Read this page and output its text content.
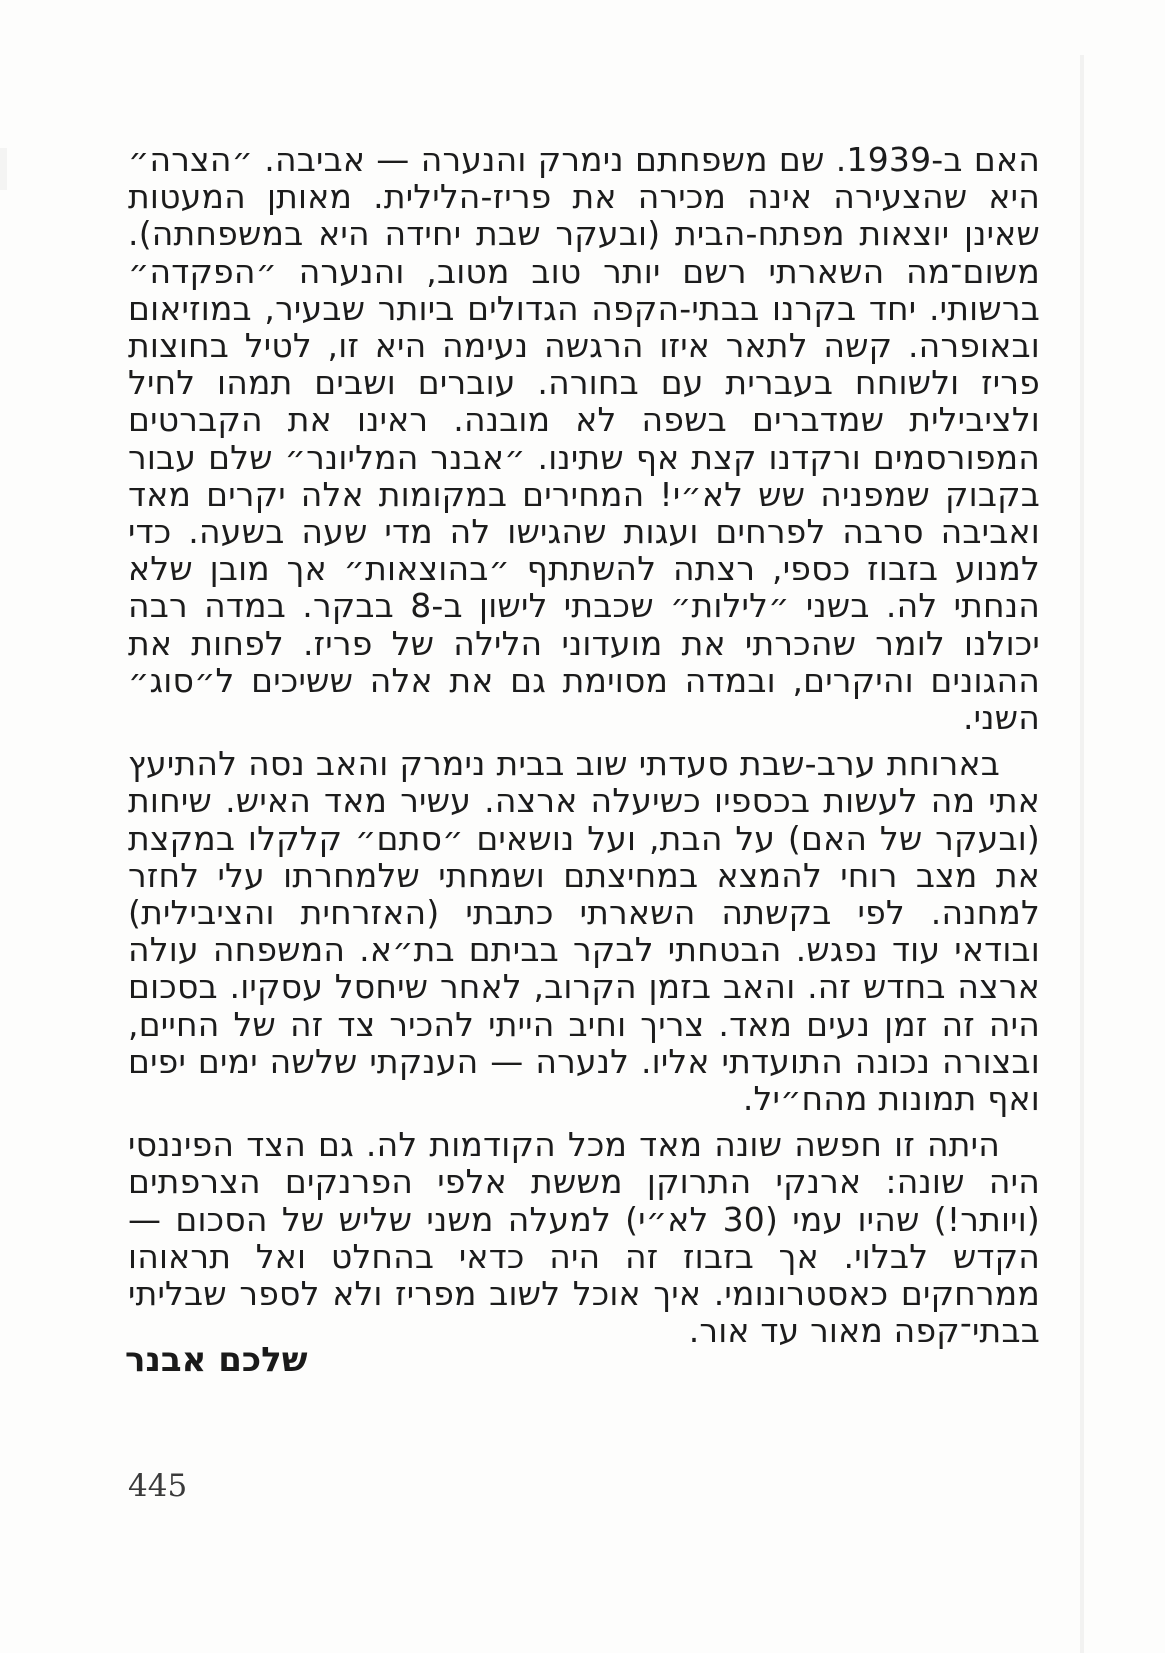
האם ב-1939. שם משפחתם נימרק והנערה — אביבה. ״הצרה״ היא שהצעירה אינה מכירה את פריז-הלילית. מאותן המעטות שאינן יוצאות מפתח-הבית (ובעקר שבת יחידה היא במשפחתה). משום־מה השארתי רשם יותר טוב מטוב, והנערה ״הפקדה״ ברשותי. יחד בקרנו בבתי-הקפה הגדולים ביותר שבעיר, במוזיאום ובאופרה. קשה לתאר איזו הרגשה נעימה היא זו, לטיל בחוצות פריז ולשוחח בעברית עם בחורה. עוברים ושבים תמהו לחיל ולציבילית שמדברים בשפה לא מובנה. ראינו את הקברטים המפורסמים ורקדנו קצת אף שתינו. ״אבנר המליונר״ שלם עבור בקבוק שמפניה שש לא״י! המחירים במקומות אלה יקרים מאד ואביבה סרבה לפרחים ועגות שהגישו לה מדי שעה בשעה. כדי למנוע בזבוז כספי, רצתה להשתתף ״בהוצאות״ אך מובן שלא הנחתי לה. בשני ״לילות״ שכבתי לישון ב-8 בבקר. במדה רבה יכולנו לומר שהכרתי את מועדוני הלילה של פריז. לפחות את ההגונים והיקרים, ובמדה מסוימת גם את אלה ששיכים ל״סוג״ השני.

בארוחת ערב-שבת סעדתי שוב בבית נימרק והאב נסה להתיעץ אתי מה לעשות בכספיו כשיעלה ארצה. עשיר מאד האיש. שיחות (ובעקר של האם) על הבת, ועל נושאים ״סתם״ קלקלו במקצת את מצב רוחי להמצא במחיצתם ושמחתי שלמחרתו עלי לחזר למחנה. לפי בקשתה השארתי כתבתי (האזרחית והציבילית) ובודאי עוד נפגש. הבטחתי לבקר בביתם בת״א. המשפחה עולה ארצה בחדש זה. והאב בזמן הקרוב, לאחר שיחסל עסקיו. בסכום היה זה זמן נעים מאד. צריך וחיב הייתי להכיר צד זה של החיים, ובצורה נכונה התועדתי אליו. לנערה — הענקתי שלשה ימים יפים ואף תמונות מהח״יל.

היתה זו חפשה שונה מאד מכל הקודמות לה. גם הצד הפיננסי היה שונה: ארנקי התרוקן מששת אלפי הפרנקים הצרפתים (ויותר!) שהיו עמי (30 לא״י) למעלה משני שליש של הסכום — הקדש לבלוי. אך בזבוז זה היה כדאי בהחלט ואל תראוהו ממרחקים כאסטרונומי. איך אוכל לשוב מפריז ולא לספר שבליתי בבתי־קפה מאור עד אור.

שלכם אבנר
445
